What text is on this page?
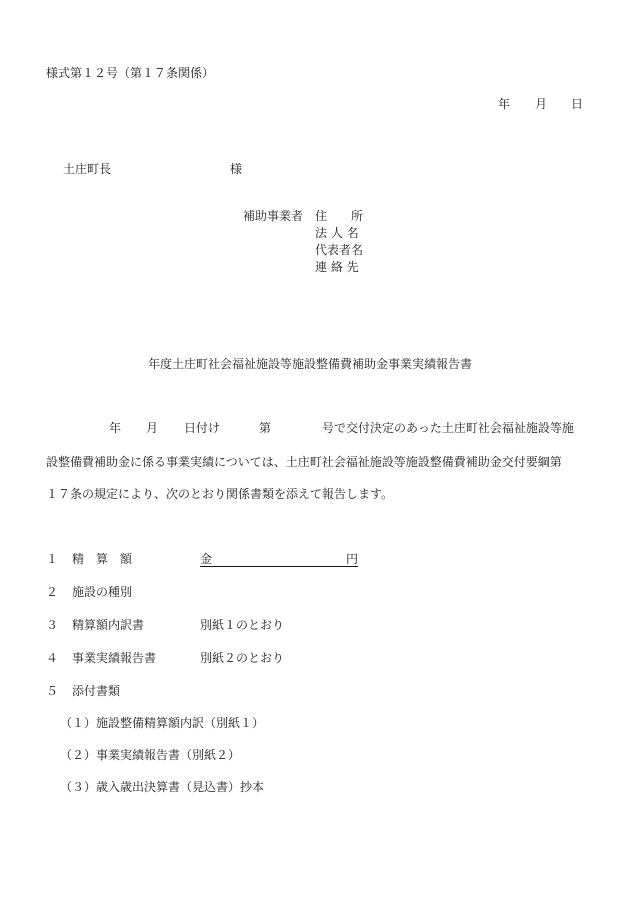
様式第１２号（第１７条関係）
年 月 日
土庄町長	様
補助事業者 住　　所
法 人 名
代表者名
連 絡 先
年度土庄町社会福祉施設等施設整備費補助金事業実績報告書
年 月 日付け	第	号で交付決定のあった土庄町社会福祉施設等施
設整備費補助金に係る事業実績については、土庄町社会福祉施設等施設整備費補助金交付要綱第
１７条の規定により、次のとおり関係書類を添えて報告します。
１ 精　算　額	金	円
２ 施設の種別
３ 精算額内訳書	別紙１のとおり
４ 事業実績報告書	別紙２のとおり
５ 添付書類
（１）施設整備精算額内訳（別紙１）
（２）事業実績報告書（別紙２）
（３）歳入歳出決算書（見込書）抄本
